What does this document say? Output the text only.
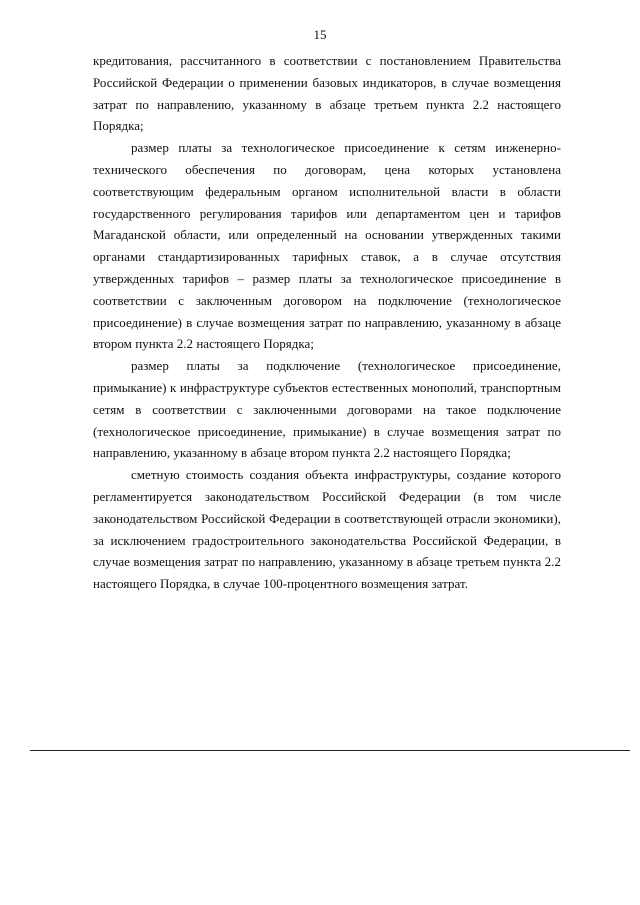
15

кредитования, рассчитанного в соответствии с постановлением Правительства Российской Федерации о применении базовых индикаторов, в случае возмещения затрат по направлению, указанному в абзаце третьем пункта 2.2 настоящего Порядка;

размер платы за технологическое присоединение к сетям инженерно-технического обеспечения по договорам, цена которых установлена соответствующим федеральным органом исполнительной власти в области государственного регулирования тарифов или департаментом цен и тарифов Магаданской области, или определенный на основании утвержденных такими органами стандартизированных тарифных ставок, а в случае отсутствия утвержденных тарифов – размер платы за технологическое присоединение в соответствии с заключенным договором на подключение (технологическое присоединение) в случае возмещения затрат по направлению, указанному в абзаце втором пункта 2.2 настоящего Порядка;

размер платы за подключение (технологическое присоединение, примыкание) к инфраструктуре субъектов естественных монополий, транспортным сетям в соответствии с заключенными договорами на такое подключение (технологическое присоединение, примыкание) в случае возмещения затрат по направлению, указанному в абзаце втором пункта 2.2 настоящего Порядка;

сметную стоимость создания объекта инфраструктуры, создание которого регламентируется законодательством Российской Федерации (в том числе законодательством Российской Федерации в соответствующей отрасли экономики), за исключением градостроительного законодательства Российской Федерации, в случае возмещения затрат по направлению, указанному в абзаце третьем пункта 2.2 настоящего Порядка, в случае 100-процентного возмещения затрат.
